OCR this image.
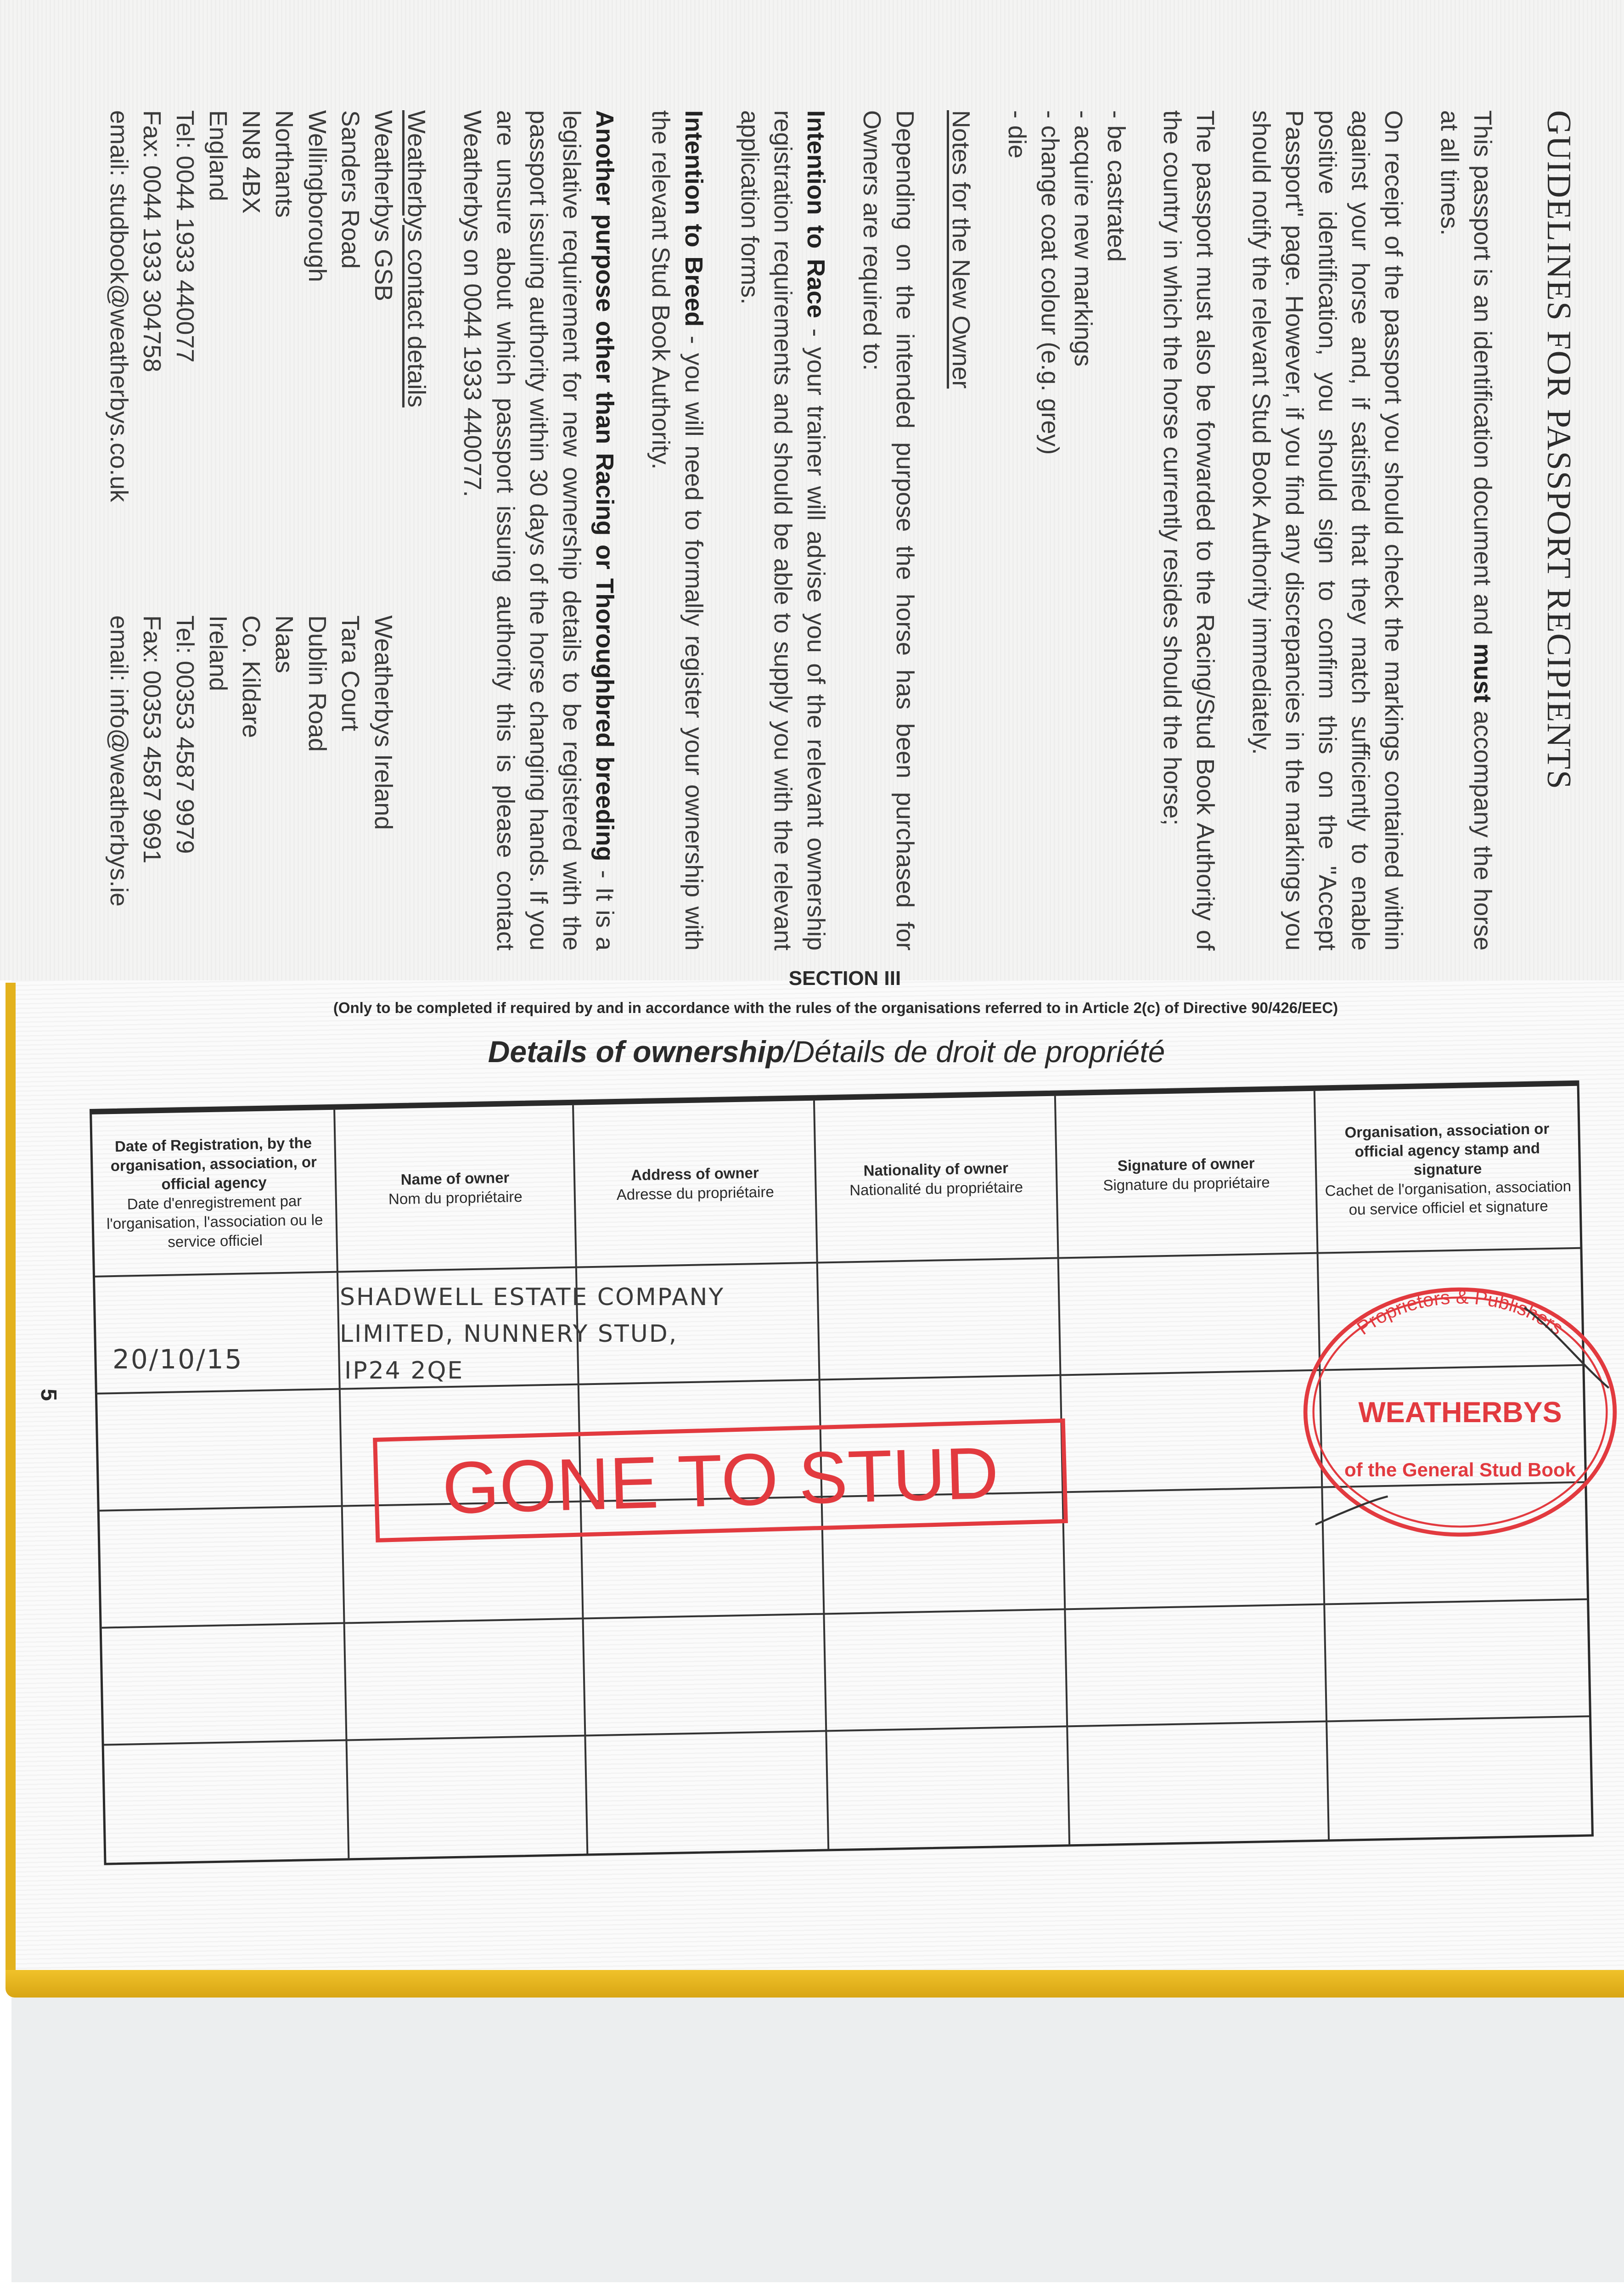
GUIDELINES FOR PASSPORT RECIPIENTS

This passport is an identification document and must accompany the horse at all times.

On receipt of the passport you should check the markings contained within against your horse and, if satisfied that they match sufficiently to enable positive identification, you should sign to confirm this on the "Accept Passport" page. However, if you find any discrepancies in the markings you should notify the relevant Stud Book Authority immediately.

The passport must also be forwarded to the Racing/Stud Book Authority of the country in which the horse currently resides should the horse;

- be castrated
- acquire new markings
- change coat colour (e.g. grey)
- die

Notes for the New Owner

Depending on the intended purpose the horse has been purchased for Owners are required to:

Intention to Race - your trainer will advise you of the relevant ownership registration requirements and should be able to supply you with the relevant application forms.

Intention to Breed - you will need to formally register your ownership with the relevant Stud Book Authority.

Another purpose other than Racing or Thoroughbred breeding - It is a legislative requirement for new ownership details to be registered with the passport issuing authority within 30 days of the horse changing hands. If you are unsure about which passport issuing authority this is please contact Weatherbys on 0044 1933 440077.

Weatherbys contact details

Weatherbys GSB
Sanders Road
Wellingborough
Northants
NN8 4BX
England
Tel: 0044 1933 440077
Fax: 0044 1933 304758
email: studbook@weatherbys.co.uk
Weatherbys Ireland
Tara Court
Dublin Road
Naas
Co. Kildare
Ireland
Tel: 00353 4587 9979
Fax: 00353 4587 9691
email: info@weatherbys.ie
SECTION III
(Only to be completed if required by and in accordance with the rules of the organisations referred to in Article 2(c) of Directive 90/426/EEC)
Details of ownership/Détails de droit de propriété
Date of Registration, by the organisation, association, or official agency
Date d'enregistrement par l'organisation, l'association ou le service officiel
Name of owner
Nom du propriétaire
Address of owner
Adresse du propriétaire
Nationality of owner
Nationalité du propriétaire
Signature of owner
Signature du propriétaire
Organisation, association or official agency stamp and signature
Cachet de l'organisation, association ou service officiel et signature
20/10/15
SHADWELL ESTATE COMPANY
LIMITED, NUNNERY STUD,
IP24 2QE
GONE TO STUD
Proprietors & Publishers
WEATHERBYS
of the General Stud Book
5
